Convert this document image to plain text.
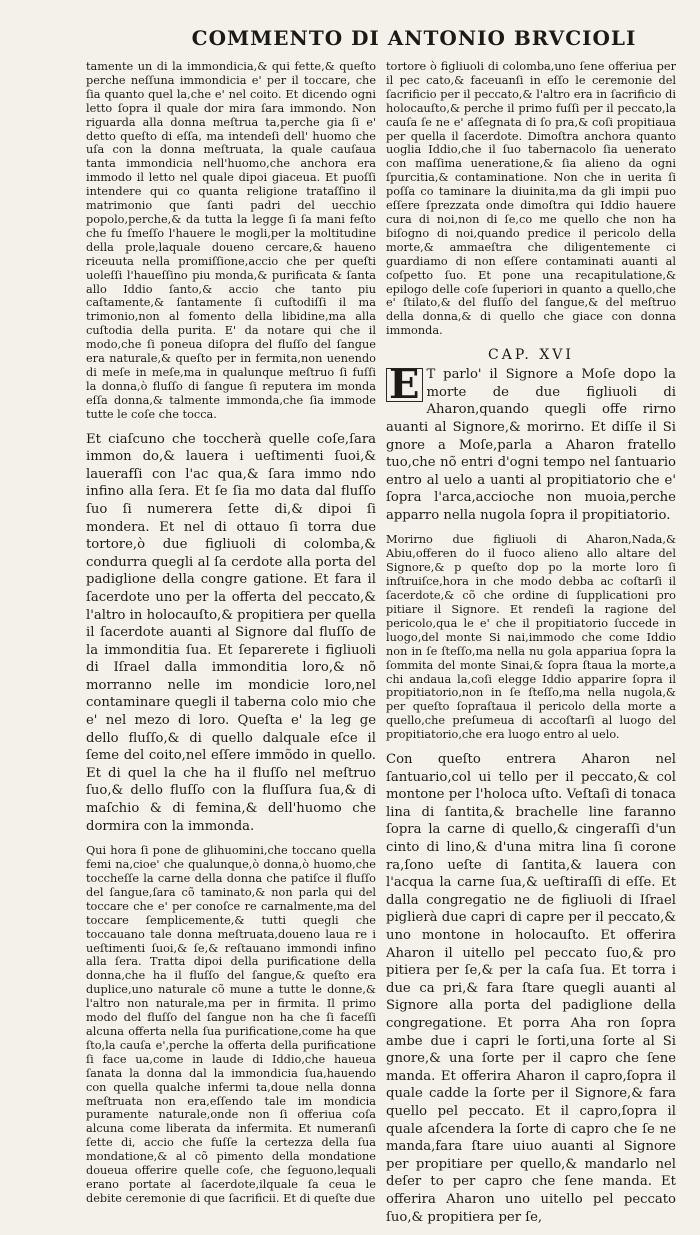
COMMENTO DI ANTONIO BRVCIOLI

tamente un di la immondicia,& qui fette,& queſto perche neſſuna immondicia e' per il toccare, che ſia quanto quel la,che e' nel coito. Et dicendo ogni letto ſopra il quale dor mira ſara immondo. Non riguarda alla donna meſtrua ta,perche gia ſi e' detto queſto di eſſa, ma intendeſi dell' huomo che uſa con la donna meſtruata, la quale cauſaua tanta immondicia nell'huomo,che anchora era immodo il letto nel quale dipoi giaceua. Et puoſſi intendere qui co quanta religione trataſſino il matrimonio que ſanti padri del uecchio popolo,perche,& da tutta la legge ſi ſa mani feſto che fu ſmeſſo l'hauere le mogli,per la moltitudine della prole,laquale doueno cercare,& haueno riceuuta nella promiſſione,accio che per queſti uoleſſi l'haueſſino piu monda,& purificata & ſanta allo Iddio ſanto,& accio che tanto piu caſtamente,& ſantamente ſi cuſtodiſſi il ma trimonio,non al fomento della libidine,ma alla cuſtodia della purita. E' da notare qui che il modo,che ſi poneua diſopra del fluſſo del ſangue era naturale,& queſto per in fermita,non uenendo di meſe in meſe,ma in qualunque meſtruo ſi fuſſi la donna,ò fluſſo di ſangue ſi reputera im monda eſſa donna,& talmente immonda,che ſia immode tutte le coſe che tocca.

Et ciaſcuno che toccherà quelle coſe,ſara immon do,& lauera i ueſtimenti ſuoi,& lauerafſi con l'ac qua,& ſara immo ndo infino alla ſera. Et ſe ſia mo data dal fluſſo ſuo ſi numerera ſette di,& dipoi ſi mondera. Et nel di ottauo ſi torra due tortore,ò due figliuoli di colomba,& condurra quegli al ſa cerdote alla porta del padiglione della congre gatione. Et fara il ſacerdote uno per la offerta del peccato,& l'altro in holocauſto,& propitiera per quella il ſacerdote auanti al Signore dal fluſſo de la immonditia ſua. Et ſeparerete i figliuoli di Iſrael dalla immonditia loro,& nõ morranno nelle im mondicie loro,nel contaminare quegli il taberna colo mio che e' nel mezo di loro. Queſta e' la leg ge dello fluſſo,& di quello dalquale eſce il ſeme del coito,nel eſſere immõdo in quello. Et di quel la che ha il fluſſo nel meſtruo ſuo,& dello fluſſo con la fluſſura ſua,& di maſchio & di femina,& dell'huomo che dormira con la immonda.

Qui hora ſi pone de glihuomini,che toccano quella femi na,cioe' che qualunque,ò donna,ò huomo,che toccheſſe la carne della donna che patiſce il fluſſo del ſangue,ſara cõ taminato,& non parla qui del toccare che e' per conoſce re carnalmente,ma del toccare ſemplicemente,& tutti quegli che toccauano tale donna meſtruata,doueno laua re i ueſtimenti ſuoi,& ſe,& reſtauano immondi infino alla ſera. Tratta dipoi della purificatione della donna,che ha il fluſſo del ſangue,& queſto era duplice,uno naturale cõ mune a tutte le donne,& l'altro non naturale,ma per in firmita. Il primo modo del fluſſo del ſangue non ha che ſi faceſſi alcuna offerta nella ſua purificatione,come ha que ſto,la cauſa e',perche la offerta della purificatione ſi face ua,come in laude di Iddio,che haueua ſanata la donna dal la immondicia ſua,hauendo con quella qualche infermi ta,doue nella donna meſtruata non era,eſſendo tale im mondicia puramente naturale,onde non ſi offeriua coſa alcuna come liberata da infermita. Et numeranſi ſette di, accio che fuſſe la certezza della ſua mondatione,& al cõ pimento della mondatione doueua offerire quelle coſe, che ſeguono,lequali erano portate al ſacerdote,ilquale ſa ceua le debite ceremonie di que ſacrificii. Et di queſte due

tortore ò figliuoli di colomba,uno ſene offeriua per il pec cato,& faceuanſi in eſſo le ceremonie del ſacrificio per il peccato,& l'altro era in ſacrificio di holocauſto,& perche il primo fuſſi per il peccato,la cauſa ſe ne e' aſſegnata di ſo pra,& coſi propitiaua per quella il ſacerdote. Dimoſtra anchora quanto uoglia Iddio,che il ſuo tabernacolo ſia uenerato con maſſima ueneratione,& ſia alieno da ogni ſpurcitia,& contaminatione. Non che in uerita ſi poſſa co taminare la diuinita,ma da gli impii puo eſſere ſprezzata onde dimoſtra qui Iddio hauere cura di noi,non di ſe,co me quello che non ha biſogno di noi,quando predice il pericolo della morte,& ammaeſtra che diligentemente ci guardiamo di non eſſere contaminati auanti al coſpetto ſuo. Et pone una recapitulatione,& epilogo delle coſe ſuperiori in quanto a quello,che e' ſtilato,& del fluſſo del ſangue,& del meſtruo della donna,& di quello che giace con donna immonda.

CAP. XVI

E T parlo' il Signore a Moſe dopo la morte de due figliuoli di Aharon,quando quegli offe rirno auanti al Signore,& morirno. Et diſſe il Si gnore a Moſe,parla a Aharon fratello tuo,che nõ entri d'ogni tempo nel ſantuario entro al uelo a uanti al propitiatorio che e' ſopra l'arca,accioche non muoia,perche apparro nella nugola ſopra il propitiatorio.

Morirno due figliuoli di Aharon,Nada,& Abiu,offeren do il fuoco alieno allo altare del Signore,& p queſto dop po la morte loro ſi inſtruiſce,hora in che modo debba ac coſtarſi il ſacerdote,& cõ che ordine di ſupplicationi pro pitiare il Signore. Et rendeſi la ragione del pericolo,qua le e' che il propitiatorio ſuccede in luogo,del monte Si nai,immodo che come Iddio non in ſe ſteſſo,ma nella nu gola appariua ſopra la ſommita del monte Sinai,& ſopra ſtaua la morte,a chi andaua la,coſi elegge Iddio apparire ſopra il propitiatorio,non in ſe ſteſſo,ma nella nugola,& per queſto ſopraſtaua il pericolo della morte a quello,che preſumeua di accoſtarſi al luogo del propitiatorio,che era luogo entro al uelo.

Con queſto entrera Aharon nel ſantuario,col ui tello per il peccato,& col montone per l'holoca uſto. Veſtaſi di tonaca lina di ſantita,& brachelle line faranno ſopra la carne di quello,& cingeraſſi d'un cinto di lino,& d'una mitra lina ſi corone ra,ſono ueſte di ſantita,& lauera con l'acqua la carne ſua,& ueſtiraſſi di eſſe. Et dalla congregatio ne de figliuoli di Iſrael piglierà due capri di capre per il peccato,& uno montone in holocauſto. Et offerira Aharon il uitello pel peccato ſuo,& pro pitiera per ſe,& per la caſa ſua. Et torra i due ca pri,& fara ſtare quegli auanti al Signore alla porta del padiglione della congregatione. Et porra Aha ron ſopra ambe due i capri le ſorti,una ſorte al Si gnore,& una ſorte per il capro che ſene manda. Et offerira Aharon il capro,ſopra il quale cadde la ſorte per il Signore,& fara quello pel peccato. Et il capro,ſopra il quale aſcendera la ſorte di capro che ſe ne manda,fara ſtare uiuo auanti al Signore per propitiare per quello,& mandarlo nel deſer to per capro che ſene manda. Et offerira Aharon uno uitello pel peccato ſuo,& propitiera per ſe,
